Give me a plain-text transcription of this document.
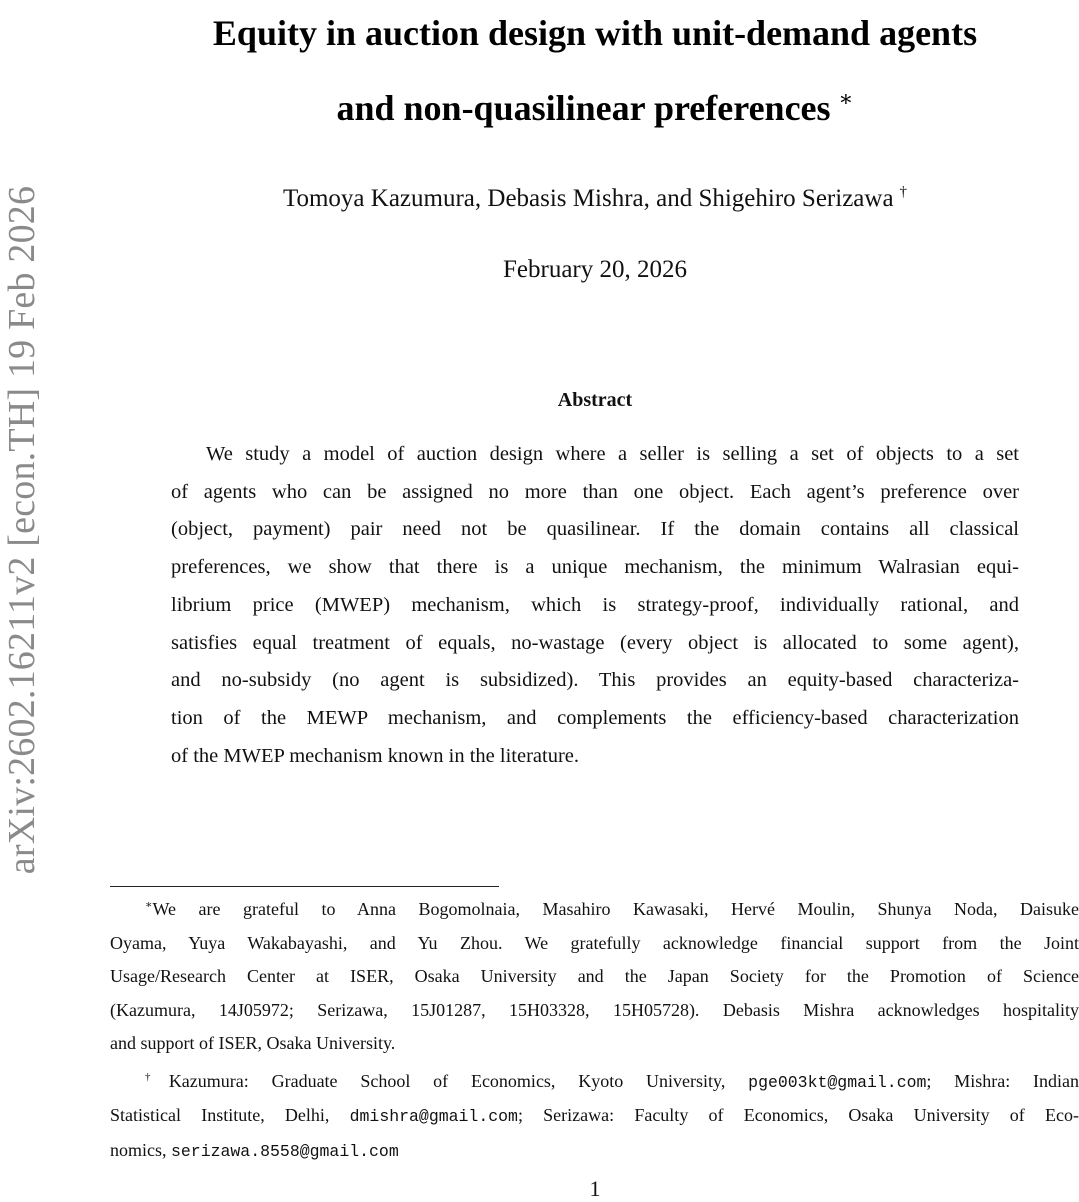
arXiv:2602.16211v2 [econ.TH] 19 Feb 2026
Equity in auction design with unit-demand agents
and non-quasilinear preferences ∗
Tomoya Kazumura, Debasis Mishra, and Shigehiro Serizawa †
February 20, 2026
Abstract
We study a model of auction design where a seller is selling a set of objects to a set
of agents who can be assigned no more than one object. Each agent’s preference over
(object, payment) pair need not be quasilinear. If the domain contains all classical
preferences, we show that there is a unique mechanism, the minimum Walrasian equi-
librium price (MWEP) mechanism, which is strategy-proof, individually rational, and
satisfies equal treatment of equals, no-wastage (every object is allocated to some agent),
and no-subsidy (no agent is subsidized). This provides an equity-based characteriza-
tion of the MEWP mechanism, and complements the efficiency-based characterization
of the MWEP mechanism known in the literature.
∗We are grateful to Anna Bogomolnaia, Masahiro Kawasaki, Hervé Moulin, Shunya Noda, Daisuke
Oyama, Yuya Wakabayashi, and Yu Zhou. We gratefully acknowledge financial support from the Joint
Usage/Research Center at ISER, Osaka University and the Japan Society for the Promotion of Science
(Kazumura, 14J05972; Serizawa, 15J01287, 15H03328, 15H05728). Debasis Mishra acknowledges hospitality
and support of ISER, Osaka University.
†Kazumura: Graduate School of Economics, Kyoto University, pge003kt@gmail.com; Mishra: Indian
Statistical Institute, Delhi, dmishra@gmail.com; Serizawa: Faculty of Economics, Osaka University of Eco-
nomics, serizawa.8558@gmail.com
1
